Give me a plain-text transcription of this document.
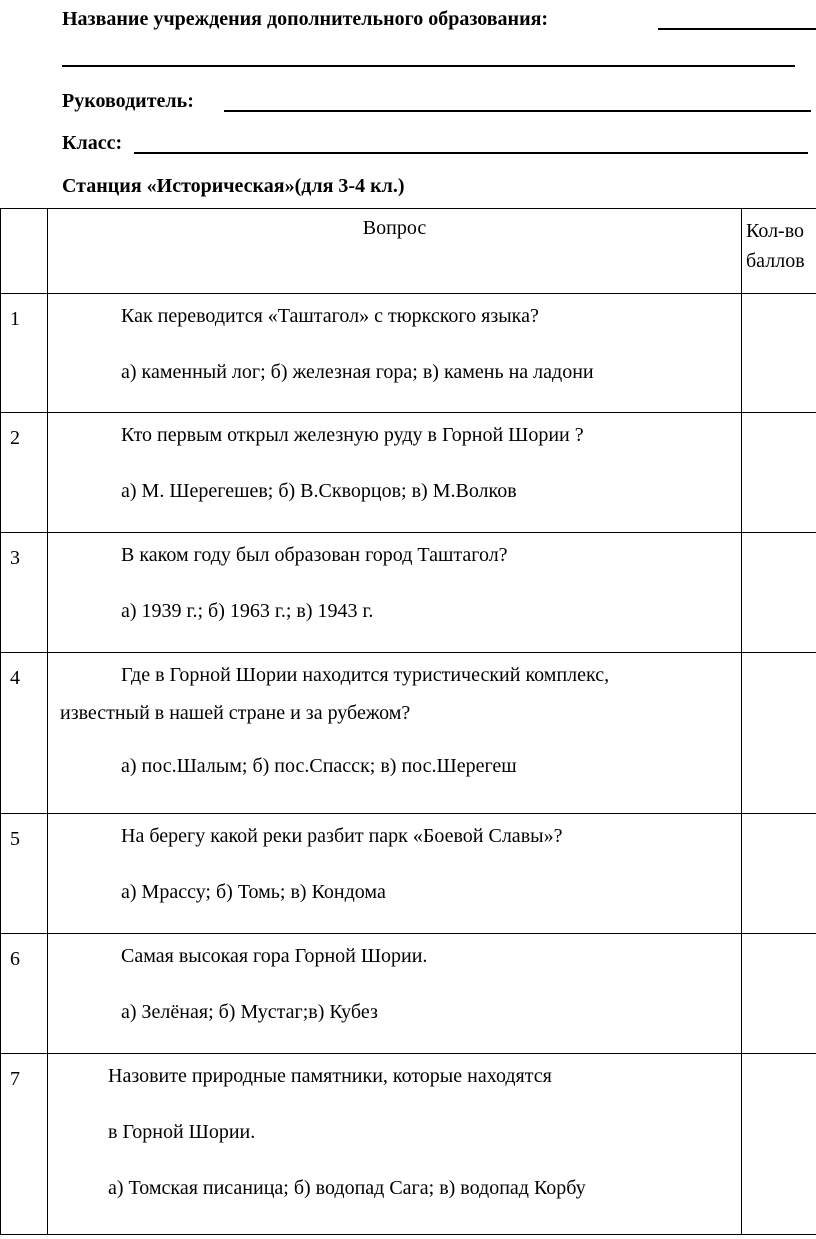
Название учреждения дополнительного образования:
Руководитель:
Класс:
Станция «Историческая»(для 3-4 кл.)
	Вопрос	Кол-во
баллов

1	Как переводится «Таштагол» с тюркского языка?
а) каменный лог; б) железная гора; в) камень на ладони	

2	Кто первым открыл железную руду в Горной Шории ?
а) М. Шерегешев; б) В.Скворцов; в) М.Волков	

3	В каком году был образован город Таштагол?
а) 1939 г.; б) 1963 г.; в) 1943 г.	

4	Где в Горной Шории находится туристический комплекс,
известный в нашей стране и за рубежом?
а) пос.Шалым; б) пос.Спасск; в) пос.Шерегеш	

5	На берегу какой реки разбит парк «Боевой Славы»?
а) Мрассу; б) Томь; в) Кондома	

6	Самая высокая гора Горной Шории.
а) Зелёная; б) Мустаг;в) Кубез	

7	Назовите природные памятники, которые находятся
в Горной Шории.
а) Томская писаница; б) водопад Сага; в) водопад Корбу	
